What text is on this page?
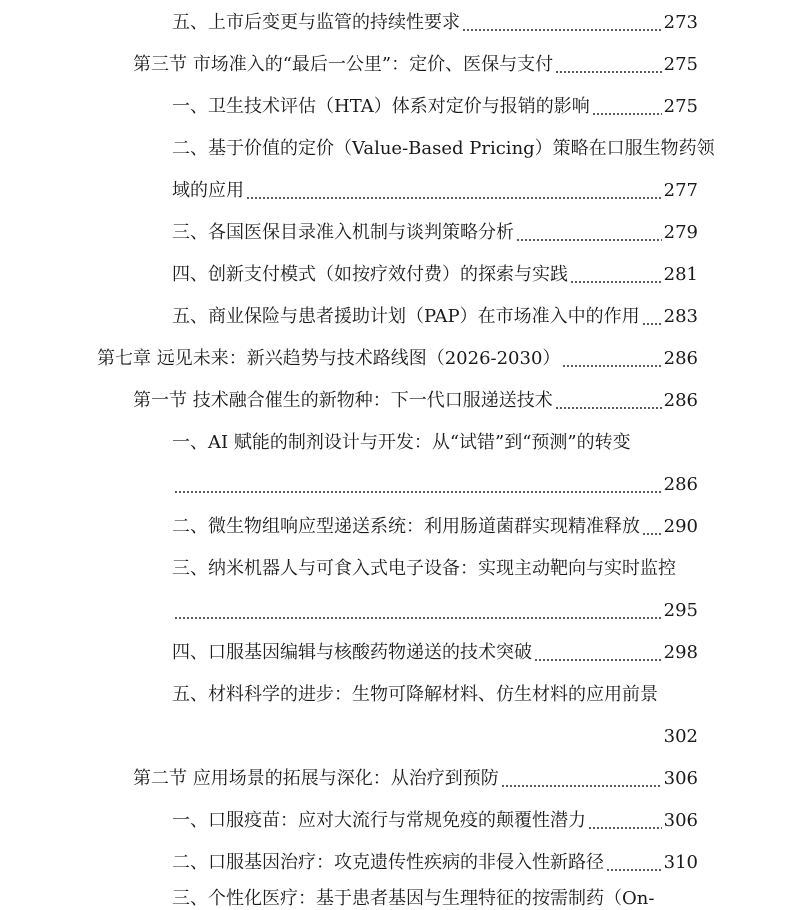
五、上市后变更与监管的持续性要求	273
第三节 市场准入的“最后一公里”：定价、医保与支付	275
一、卫生技术评估（HTA）体系对定价与报销的影响	275
二、基于价值的定价（Value-Based Pricing）策略在口服生物药领
域的应用	277
三、各国医保目录准入机制与谈判策略分析	279
四、创新支付模式（如按疗效付费）的探索与实践	281
五、商业保险与患者援助计划（PAP）在市场准入中的作用 283
第七章 远见未来：新兴趋势与技术路线图（2026-2030）	286
第一节 技术融合催生的新物种：下一代口服递送技术	286
一、AI 赋能的制剂设计与开发：从“试错”到“预测”的转变
286
二、微生物组响应型递送系统：利用肠道菌群实现精准释放 290
三、纳米机器人与可食入式电子设备：实现主动靶向与实时监控
295
四、口服基因编辑与核酸药物递送的技术突破	298
五、材料科学的进步：生物可降解材料、仿生材料的应用前景
302
第二节 应用场景的拓展与深化：从治疗到预防	306
一、口服疫苗：应对大流行与常规免疫的颠覆性潜力	306
二、口服基因治疗：攻克遗传性疾病的非侵入性新路径	310
三、个性化医疗：基于患者基因与生理特征的按需制药（On-
